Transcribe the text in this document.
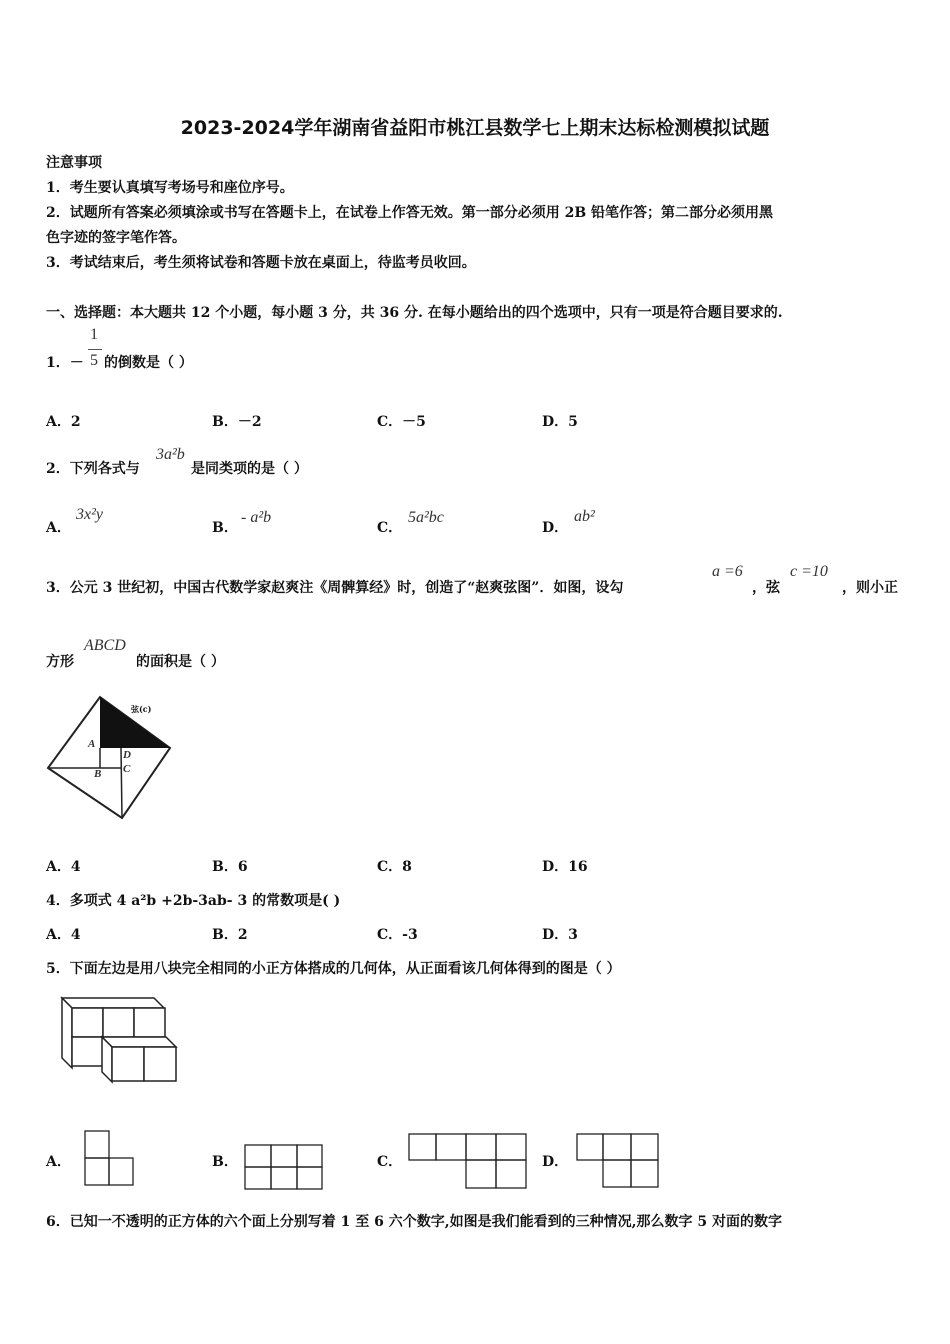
2023-2024学年湖南省益阳市桃江县数学七上期末达标检测模拟试题
注意事项
1．考生要认真填写考场号和座位序号。
2．试题所有答案必须填涂或书写在答题卡上，在试卷上作答无效。第一部分必须用 2B 铅笔作答；第二部分必须用黑
色字迹的签字笔作答。
3．考试结束后，考生须将试卷和答题卡放在桌面上，待监考员收回。
一、选择题：本大题共 12 个小题，每小题 3 分，共 36 分. 在每小题给出的四个选项中，只有一项是符合题目要求的.
1．－
1
5 的倒数是（ ）
A．2	B．－2	C．－5	D．5
2．下列各式与
3a²b
是同类项的是（ ）
A．
3x²y
B．
- a²b
C．
5a²bc
D．
ab²
3．公元 3 世纪初，中国古代数学家赵爽注《周髀算经》时，创造了“赵爽弦图”．如图，设勾
a =6
，弦
c =10
，则小正
方形
ABCD
的面积是（ ）
弦(c)
A
B C
D
A．4	B．6	C．8	D．16
4．多项式 4 a²b +2b-3ab- 3 的常数项是( )
A．4	B．2	C．-3	D．3
5．下面左边是用八块完全相同的小正方体搭成的几何体，从正面看该几何体得到的图是（ ）
A．	B．	C．	D．
6．已知一不透明的正方体的六个面上分别写着 1 至 6 六个数字,如图是我们能看到的三种情况,那么数字 5 对面的数字
